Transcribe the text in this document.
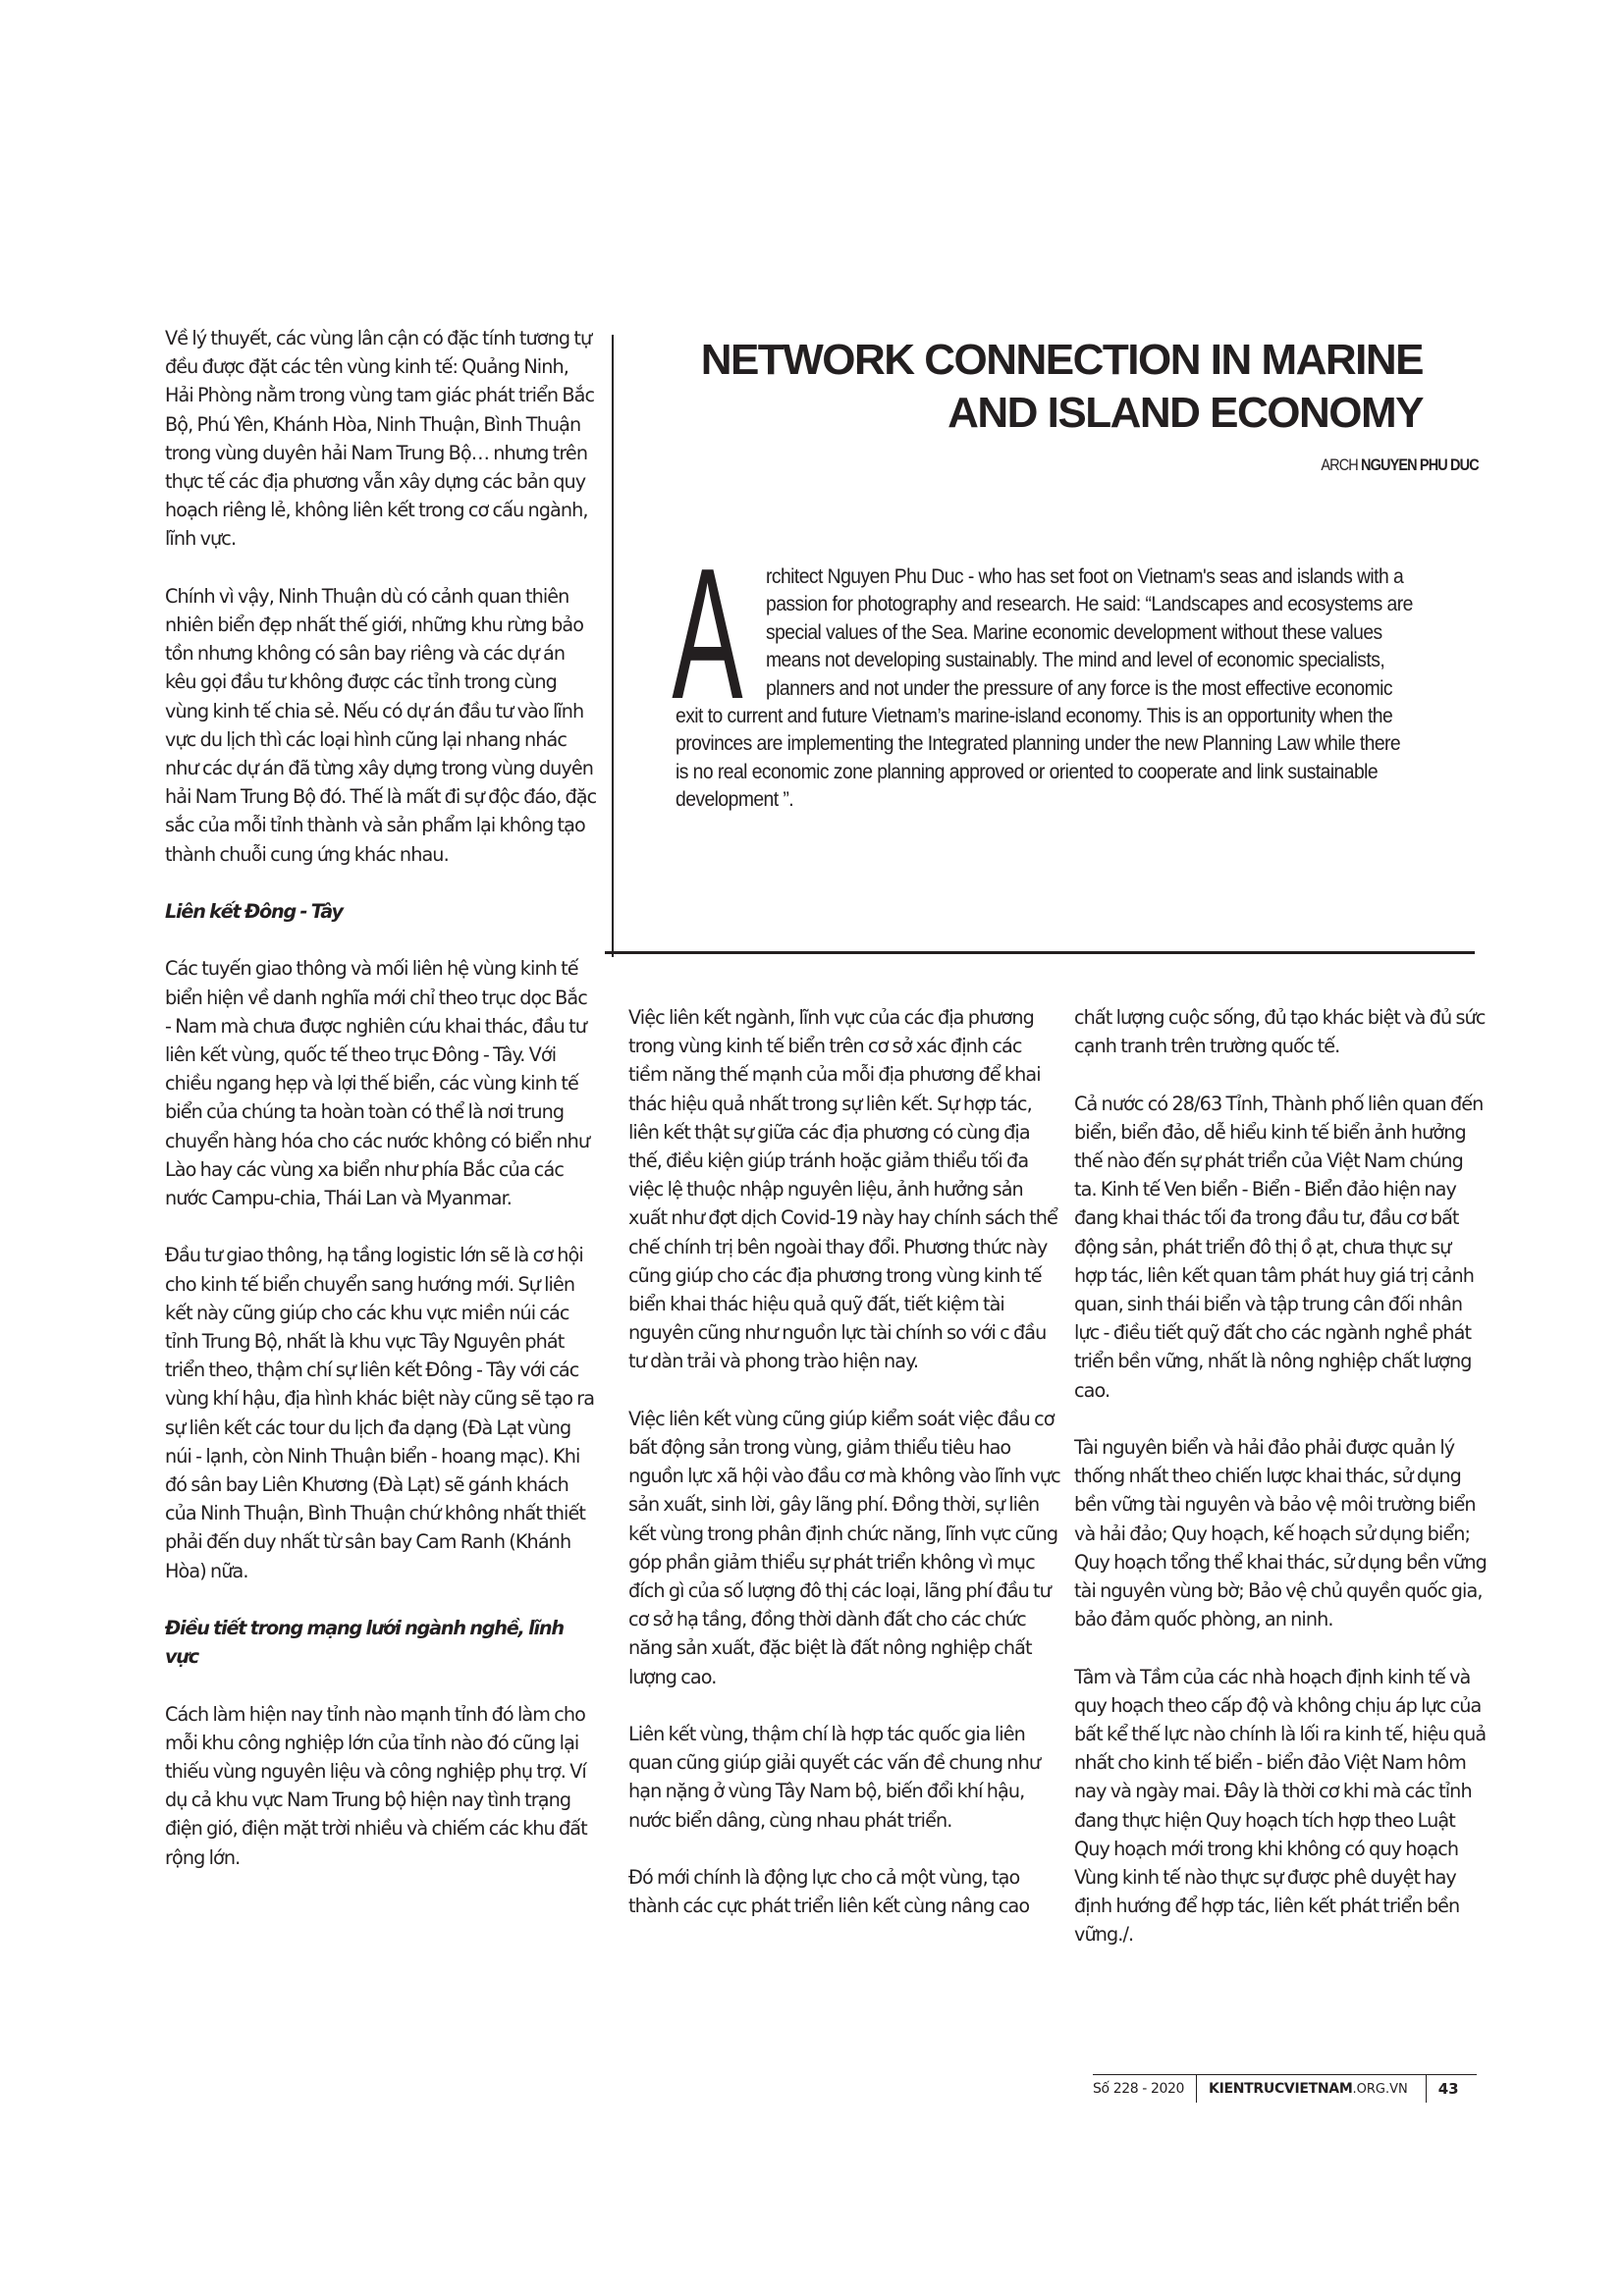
Về lý thuyết, các vùng lân cận có đặc tính tương tự đều được đặt các tên vùng kinh tế: Quảng Ninh, Hải Phòng nằm trong vùng tam giác phát triển Bắc Bộ, Phú Yên, Khánh Hòa, Ninh Thuận, Bình Thuận trong vùng duyên hải Nam Trung Bộ… nhưng trên thực tế các địa phương vẫn xây dựng các bản quy hoạch riêng lẻ, không liên kết trong cơ cấu ngành, lĩnh vực.

Chính vì vậy, Ninh Thuận dù có cảnh quan thiên nhiên biển đẹp nhất thế giới, những khu rừng bảo tồn nhưng không có sân bay riêng và các dự án kêu gọi đầu tư không được các tỉnh trong cùng vùng kinh tế chia sẻ. Nếu có dự án đầu tư vào lĩnh vực du lịch thì các loại hình cũng lại nhang nhác như các dự án đã từng xây dựng trong vùng duyên hải Nam Trung Bộ đó. Thế là mất đi sự độc đáo, đặc sắc của mỗi tỉnh thành và sản phẩm lại không tạo thành chuỗi cung ứng khác nhau.

Liên kết Đông - Tây

Các tuyến giao thông và mối liên hệ vùng kinh tế biển hiện về danh nghĩa mới chỉ theo trục dọc Bắc - Nam mà chưa được nghiên cứu khai thác, đầu tư liên kết vùng, quốc tế theo trục Đông - Tây. Với chiều ngang hẹp và lợi thế biển, các vùng kinh tế biển của chúng ta hoàn toàn có thể là nơi trung chuyển hàng hóa cho các nước không có biển như Lào hay các vùng xa biển như phía Bắc của các nước Campu-chia, Thái Lan và Myanmar.

Đầu tư giao thông, hạ tầng logistic lớn sẽ là cơ hội cho kinh tế biển chuyển sang hướng mới. Sự liên kết này cũng giúp cho các khu vực miền núi các tỉnh Trung Bộ, nhất là khu vực Tây Nguyên phát triển theo, thậm chí sự liên kết Đông - Tây với các vùng khí hậu, địa hình khác biệt này cũng sẽ tạo ra sự liên kết các tour du lịch đa dạng (Đà Lạt vùng núi - lạnh, còn Ninh Thuận biển - hoang mạc). Khi đó sân bay Liên Khương (Đà Lạt) sẽ gánh khách của Ninh Thuận, Bình Thuận chứ không nhất thiết phải đến duy nhất từ sân bay Cam Ranh (Khánh Hòa) nữa.

Điều tiết trong mạng lưới ngành nghề, lĩnh vực

Cách làm hiện nay tỉnh nào mạnh tỉnh đó làm cho mỗi khu công nghiệp lớn của tỉnh nào đó cũng lại thiếu vùng nguyên liệu và công nghiệp phụ trợ. Ví dụ cả khu vực Nam Trung bộ hiện nay tình trạng điện gió, điện mặt trời nhiều và chiếm các khu đất rộng lớn.

NETWORK CONNECTION IN MARINE
AND ISLAND ECONOMY
ARCH NGUYEN PHU DUC
A rchitect Nguyen Phu Duc - who has set foot on Vietnam's seas and islands with a passion for photography and research. He said: “Landscapes and ecosystems are special values of the Sea. Marine economic development without these values means not developing sustainably. The mind and level of economic specialists, planners and not under the pressure of any force is the most effective economic exit to current and future Vietnam’s marine-island economy. This is an opportunity when the provinces are implementing the Integrated planning under the new Planning Law while there is no real economic zone planning approved or oriented to cooperate and link sustainable development ”.

Việc liên kết ngành, lĩnh vực của các địa phương trong vùng kinh tế biển trên cơ sở xác định các tiềm năng thế mạnh của mỗi địa phương để khai thác hiệu quả nhất trong sự liên kết. Sự hợp tác, liên kết thật sự giữa các địa phương có cùng địa thế, điều kiện giúp tránh hoặc giảm thiểu tối đa việc lệ thuộc nhập nguyên liệu, ảnh hưởng sản xuất như đợt dịch Covid-19 này hay chính sách thể chế chính trị bên ngoài thay đổi. Phương thức này cũng giúp cho các địa phương trong vùng kinh tế biển khai thác hiệu quả quỹ đất, tiết kiệm tài nguyên cũng như nguồn lực tài chính so với c đầu tư dàn trải và phong trào hiện nay.

Việc liên kết vùng cũng giúp kiểm soát việc đầu cơ bất động sản trong vùng, giảm thiểu tiêu hao nguồn lực xã hội vào đầu cơ mà không vào lĩnh vực sản xuất, sinh lời, gây lãng phí. Đồng thời, sự liên kết vùng trong phân định chức năng, lĩnh vực cũng góp phần giảm thiểu sự phát triển không vì mục đích gì của số lượng đô thị các loại, lãng phí đầu tư cơ sở hạ tầng, đồng thời dành đất cho các chức năng sản xuất, đặc biệt là đất nông nghiệp chất lượng cao.

Liên kết vùng, thậm chí là hợp tác quốc gia liên quan cũng giúp giải quyết các vấn đề chung như hạn nặng ở vùng Tây Nam bộ, biến đổi khí hậu, nước biển dâng, cùng nhau phát triển.

Đó mới chính là động lực cho cả một vùng, tạo thành các cực phát triển liên kết cùng nâng cao

chất lượng cuộc sống, đủ tạo khác biệt và đủ sức cạnh tranh trên trường quốc tế.

Cả nước có 28/63 Tỉnh, Thành phố liên quan đến biển, biển đảo, dễ hiểu kinh tế biển ảnh hưởng thế nào đến sự phát triển của Việt Nam chúng ta. Kinh tế Ven biển - Biển - Biển đảo hiện nay đang khai thác tối đa trong đầu tư, đầu cơ bất động sản, phát triển đô thị ồ ạt, chưa thực sự hợp tác, liên kết quan tâm phát huy giá trị cảnh quan, sinh thái biển và tập trung cân đối nhân lực - điều tiết quỹ đất cho các ngành nghề phát triển bền vững, nhất là nông nghiệp chất lượng cao.

Tài nguyên biển và hải đảo phải được quản lý thống nhất theo chiến lược khai thác, sử dụng bền vững tài nguyên và bảo vệ môi trường biển và hải đảo; Quy hoạch, kế hoạch sử dụng biển; Quy hoạch tổng thể khai thác, sử dụng bền vững tài nguyên vùng bờ; Bảo vệ chủ quyền quốc gia, bảo đảm quốc phòng, an ninh.

Tâm và Tầm của các nhà hoạch định kinh tế và quy hoạch theo cấp độ và không chịu áp lực của bất kể thế lực nào chính là lối ra kinh tế, hiệu quả nhất cho kinh tế biển - biển đảo Việt Nam hôm nay và ngày mai. Đây là thời cơ khi mà các tỉnh đang thực hiện Quy hoạch tích hợp theo Luật Quy hoạch mới trong khi không có quy hoạch Vùng kinh tế nào thực sự được phê duyệt hay định hướng để hợp tác, liên kết phát triển bền vững./.

Số 228 - 2020	KIENTRUCVIETNAM.ORG.VN	43
